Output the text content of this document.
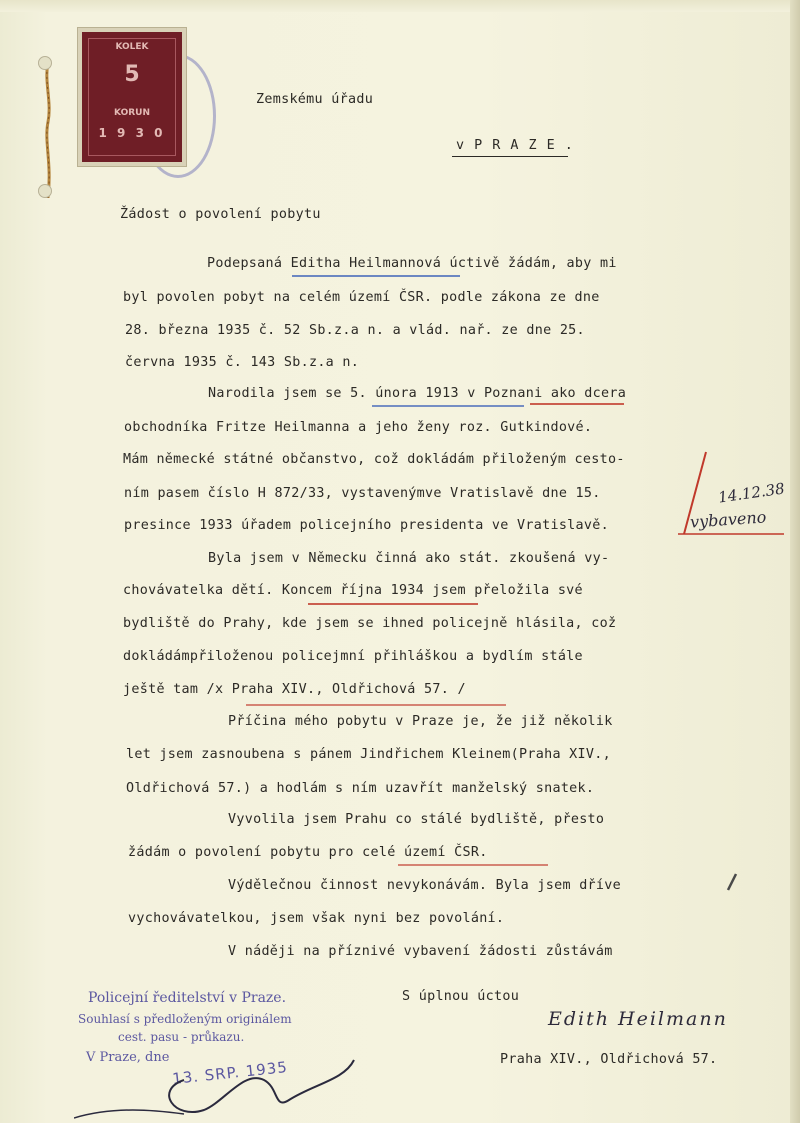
KOLEK
5
KORUN
1 9 3 0
Zemskému úřadu
v P R A Z E .
Žádost o povolení pobytu
Podepsaná Editha Heilmannová úctivě žádám, aby mi
byl povolen pobyt na celém území ČSR. podle zákona ze dne
28. března 1935 č. 52 Sb.z.a n. a vlád. nař. ze dne 25.
června 1935 č. 143 Sb.z.a n.
Narodila jsem se 5. února 1913 v Poznani ako dcera
obchodníka Fritze Heilmanna a jeho ženy roz. Gutkindové.
Mám německé státné občanstvo, což dokládám přiloženým cesto-
ním pasem číslo H 872/33, vystavenýmve Vratislavě dne 15.
presince 1933 úřadem policejního presidenta ve Vratislavě.
Byla jsem v Německu činná ako stát. zkoušená vy-
chovávatelka dětí. Koncem října 1934 jsem přeložila své
bydliště do Prahy, kde jsem se ihned policejně hlásila, což
dokládámpřiloženou policejmní přihláškou a bydlím stále
ještě tam /x Praha XIV., Oldřichová 57. /
Příčina mého pobytu v Praze je, že již několik
let jsem zasnoubena s pánem Jindřichem Kleinem(Praha XIV.,
Oldřichová 57.) a hodlám s ním uzavřít manželský snatek.
Vyvolila jsem Prahu co stálé bydliště, přesto
žádám o povolení pobytu pro celé území ČSR.
Výdělečnou činnost nevykonávám. Byla jsem dříve
vychovávatelkou, jsem však nyni bez povolání.
V náději na příznivé vybavení žádosti zůstávám
14.12.38
vybaveno
S úplnou úctou
Edith Heilmann
Praha XIV., Oldřichová 57.
Policejní ředitelství v Praze.
Souhlasí s předloženým originálem
cest. pasu - průkazu.
V Praze, dne
13. SRP. 1935
